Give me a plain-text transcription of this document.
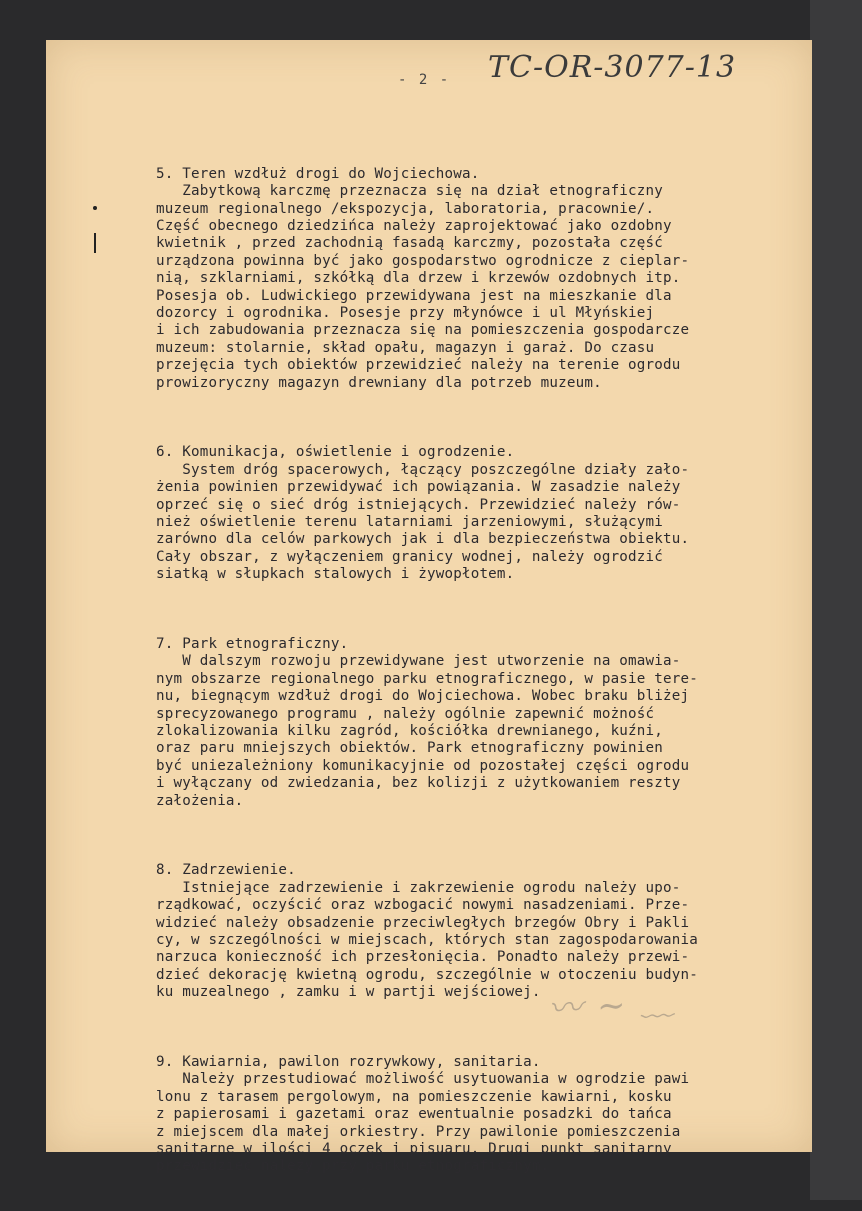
- 2 - TC-OR-3077-13

5. Teren wzdłuż drogi do Wojciechowa.
Zabytkową karczmę przeznacza się na dział etnograficzny
muzeum regionalnego /ekspozycja, laboratoria, pracownie/.
Część obecnego dziedzińca należy zaprojektować jako ozdobny
kwietnik , przed zachodnią fasadą karczmy, pozostała część
urządzona powinna być jako gospodarstwo ogrodnicze z cieplar-
nią, szklarniami, szkółką dla drzew i krzewów ozdobnych itp.
Posesja ob. Ludwickiego przewidywana jest na mieszkanie dla
dozorcy i ogrodnika. Posesje przy młynówce i ul Młyńskiej
i ich zabudowania przeznacza się na pomieszczenia gospodarcze
muzeum: stolarnie, skład opału, magazyn i garaż. Do czasu
przejęcia tych obiektów przewidzieć należy na terenie ogrodu
prowizoryczny magazyn drewniany dla potrzeb muzeum.

6. Komunikacja, oświetlenie i ogrodzenie.
System dróg spacerowych, łączący poszczególne działy zało-
żenia powinien przewidywać ich powiązania. W zasadzie należy
oprzeć się o sieć dróg istniejących. Przewidzieć należy rów-
nież oświetlenie terenu latarniami jarzeniowymi, służącymi
zarówno dla celów parkowych jak i dla bezpieczeństwa obiektu.
Cały obszar, z wyłączeniem granicy wodnej, należy ogrodzić
siatką w słupkach stalowych i żywopłotem.

7. Park etnograficzny.
W dalszym rozwoju przewidywane jest utworzenie na omawia-
nym obszarze regionalnego parku etnograficznego, w pasie tere-
nu, biegnącym wzdłuż drogi do Wojciechowa. Wobec braku bliżej
sprecyzowanego programu , należy ogólnie zapewnić możność
zlokalizowania kilku zagród, kościółka drewnianego, kuźni,
oraz paru mniejszych obiektów. Park etnograficzny powinien
być uniezależniony komunikacyjnie od pozostałej części ogrodu
i wyłączany od zwiedzania, bez kolizji z użytkowaniem reszty
założenia.

8. Zadrzewienie.
Istniejące zadrzewienie i zakrzewienie ogrodu należy upo-
rządkować, oczyścić oraz wzbogacić nowymi nasadzeniami. Prze-
widzieć należy obsadzenie przeciwległych brzegów Obry i Pakli
cy, w szczególności w miejscach, których stan zagospodarowania
narzuca konieczność ich przesłonięcia. Ponadto należy przewi-
dzieć dekorację kwietną ogrodu, szczególnie w otoczeniu budyn-
ku muzealnego , zamku i w partji wejściowej.

9. Kawiarnia, pawilon rozrywkowy, sanitaria.
Należy przestudiować możliwość usytuowania w ogrodzie pawi
lonu z tarasem pergolowym, na pomieszczenie kawiarni, kosku
z papierosami i gazetami oraz ewentualnie posadzki do tańca
z miejscem dla małej orkiestry. Przy pawilonie pomieszczenia
sanitarne w ilości 4 oczek i pisuaru. Drugi punkt sanitarny
przewidzieć należy przy parku etnograficznym.

〰︎ ∼ ﹏
